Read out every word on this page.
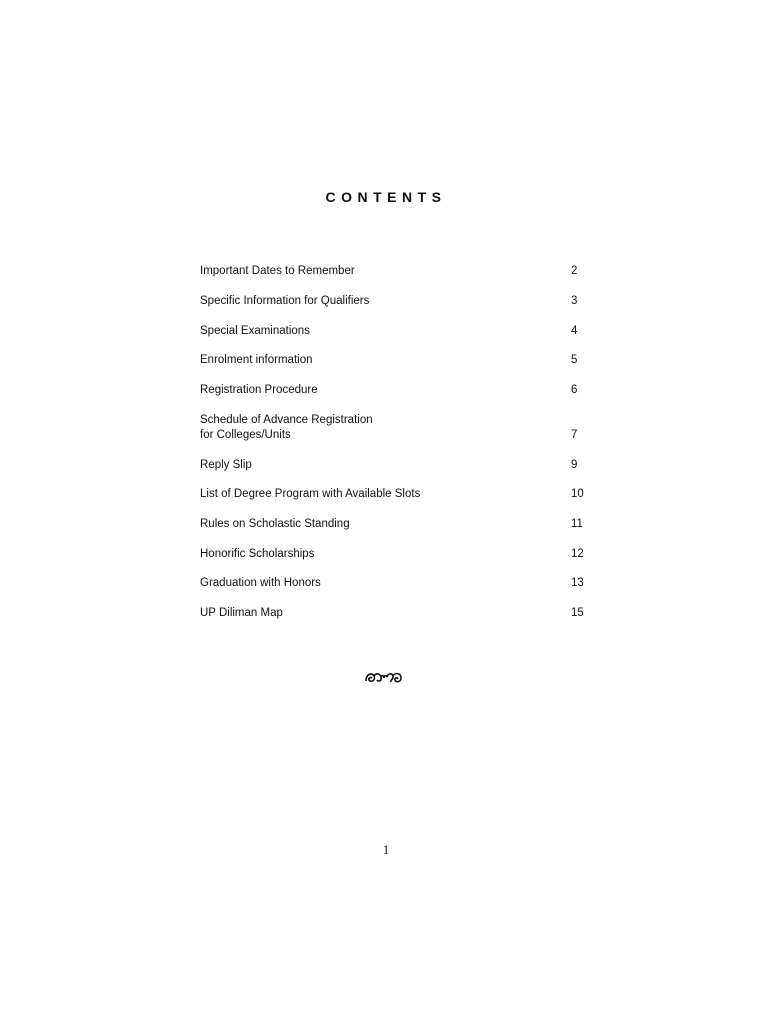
CONTENTS
Important Dates to Remember	2
Specific Information for Qualifiers	3
Special Examinations	4
Enrolment information	5
Registration Procedure	6
Schedule of Advance Registration
for Colleges/Units	7
Reply Slip	9
List of Degree Program with Available Slots	10
Rules on Scholastic Standing	11
Honorific Scholarships	12
Graduation with Honors	13
UP Diliman Map	15
1
